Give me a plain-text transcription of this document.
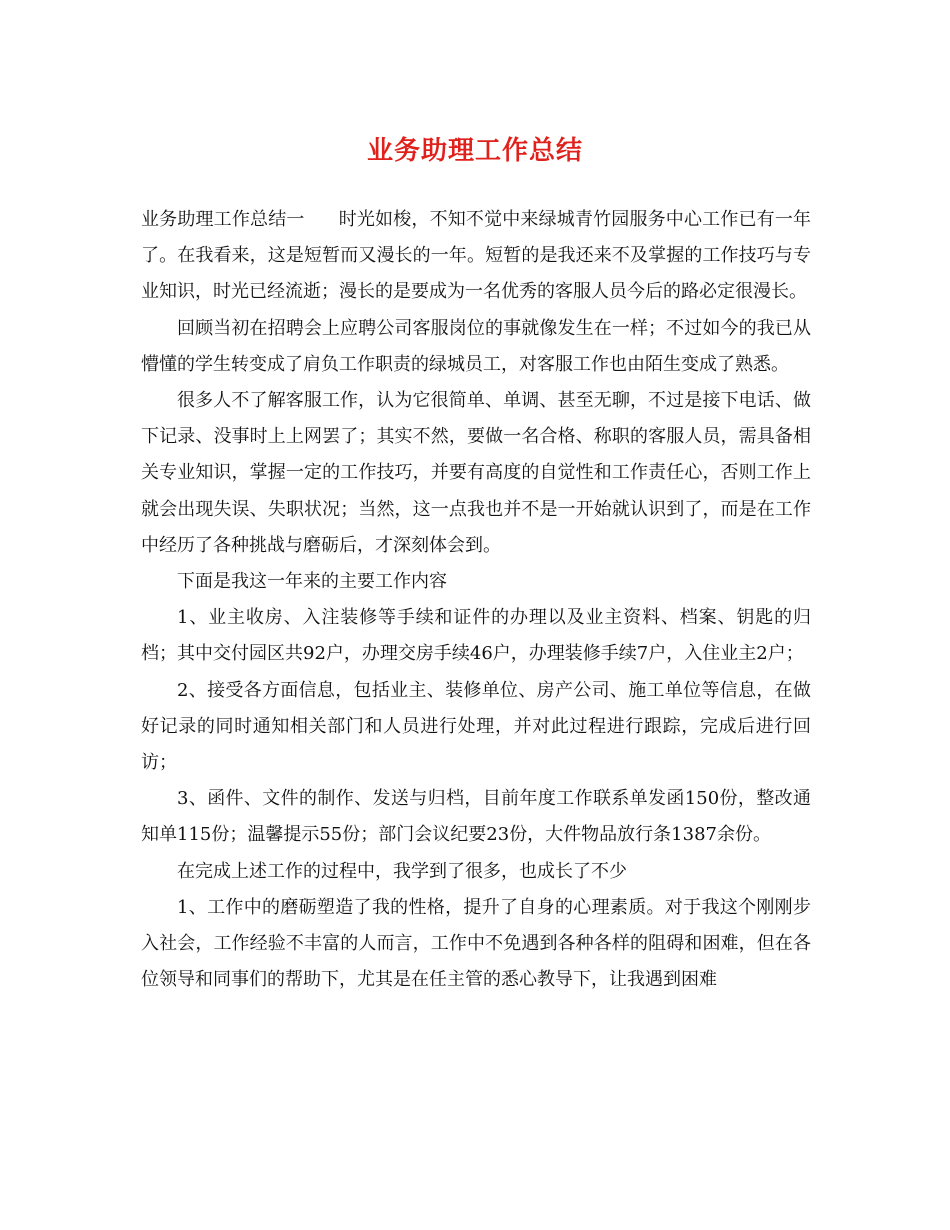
业务助理工作总结

业务助理工作总结一 时光如梭，不知不觉中来绿城青竹园服务中心工作已有一年了。在我看来，这是短暂而又漫长的一年。短暂的是我还来不及掌握的工作技巧与专业知识，时光已经流逝；漫长的是要成为一名优秀的客服人员今后的路必定很漫长。

回顾当初在招聘会上应聘公司客服岗位的事就像发生在一样；不过如今的我已从懵懂的学生转变成了肩负工作职责的绿城员工，对客服工作也由陌生变成了熟悉。

很多人不了解客服工作，认为它很简单、单调、甚至无聊，不过是接下电话、做下记录、没事时上上网罢了；其实不然，要做一名合格、称职的客服人员，需具备相关专业知识，掌握一定的工作技巧，并要有高度的自觉性和工作责任心，否则工作上就会出现失误、失职状况；当然，这一点我也并不是一开始就认识到了，而是在工作中经历了各种挑战与磨砺后，才深刻体会到。

下面是我这一年来的主要工作内容

1、业主收房、入注装修等手续和证件的办理以及业主资料、档案、钥匙的归档；其中交付园区共92户，办理交房手续46户，办理装修手续7户，入住业主2户；

2、接受各方面信息，包括业主、装修单位、房产公司、施工单位等信息，在做好记录的同时通知相关部门和人员进行处理，并对此过程进行跟踪，完成后进行回访；

3、函件、文件的制作、发送与归档，目前年度工作联系单发函150份，整改通知单115份；温馨提示55份；部门会议纪要23份，大件物品放行条1387余份。

在完成上述工作的过程中，我学到了很多，也成长了不少

1、工作中的磨砺塑造了我的性格，提升了自身的心理素质。对于我这个刚刚步入社会，工作经验不丰富的人而言，工作中不免遇到各种各样的阻碍和困难，但在各位领导和同事们的帮助下，尤其是在任主管的悉心教导下，让我遇到困难
